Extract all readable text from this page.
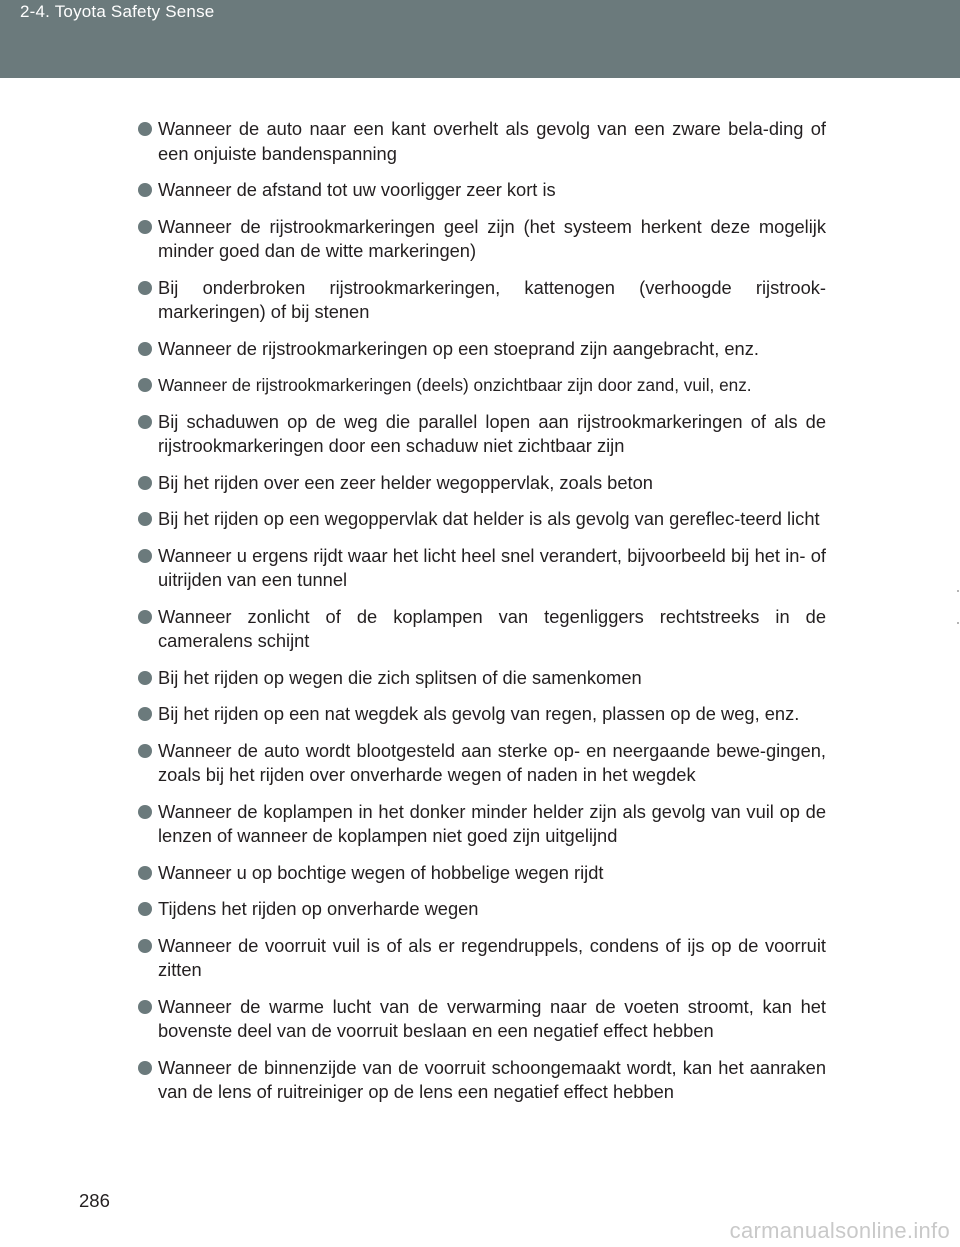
2-4. Toyota Safety Sense
Wanneer de auto naar een kant overhelt als gevolg van een zware bela-ding of een onjuiste bandenspanning
Wanneer de afstand tot uw voorligger zeer kort is
Wanneer de rijstrookmarkeringen geel zijn (het systeem herkent deze mogelijk minder goed dan de witte markeringen)
Bij onderbroken rijstrookmarkeringen, kattenogen (verhoogde rijstrook-markeringen) of bij stenen
Wanneer de rijstrookmarkeringen op een stoeprand zijn aangebracht, enz.
Wanneer de rijstrookmarkeringen (deels) onzichtbaar zijn door zand, vuil, enz.
Bij schaduwen op de weg die parallel lopen aan rijstrookmarkeringen of als de rijstrookmarkeringen door een schaduw niet zichtbaar zijn
Bij het rijden over een zeer helder wegoppervlak, zoals beton
Bij het rijden op een wegoppervlak dat helder is als gevolg van gereflec-teerd licht
Wanneer u ergens rijdt waar het licht heel snel verandert, bijvoorbeeld bij het in- of uitrijden van een tunnel
Wanneer zonlicht of de koplampen van tegenliggers rechtstreeks in de cameralens schijnt
Bij het rijden op wegen die zich splitsen of die samenkomen
Bij het rijden op een nat wegdek als gevolg van regen, plassen op de weg, enz.
Wanneer de auto wordt blootgesteld aan sterke op- en neergaande bewe-gingen, zoals bij het rijden over onverharde wegen of naden in het wegdek
Wanneer de koplampen in het donker minder helder zijn als gevolg van vuil op de lenzen of wanneer de koplampen niet goed zijn uitgelijnd
Wanneer u op bochtige wegen of hobbelige wegen rijdt
Tijdens het rijden op onverharde wegen
Wanneer de voorruit vuil is of als er regendruppels, condens of ijs op de voorruit zitten
Wanneer de warme lucht van de verwarming naar de voeten stroomt, kan het bovenste deel van de voorruit beslaan en een negatief effect hebben
Wanneer de binnenzijde van de voorruit schoongemaakt wordt, kan het aanraken van de lens of ruitreiniger op de lens een negatief effect hebben
286
carmanualsonline.info
